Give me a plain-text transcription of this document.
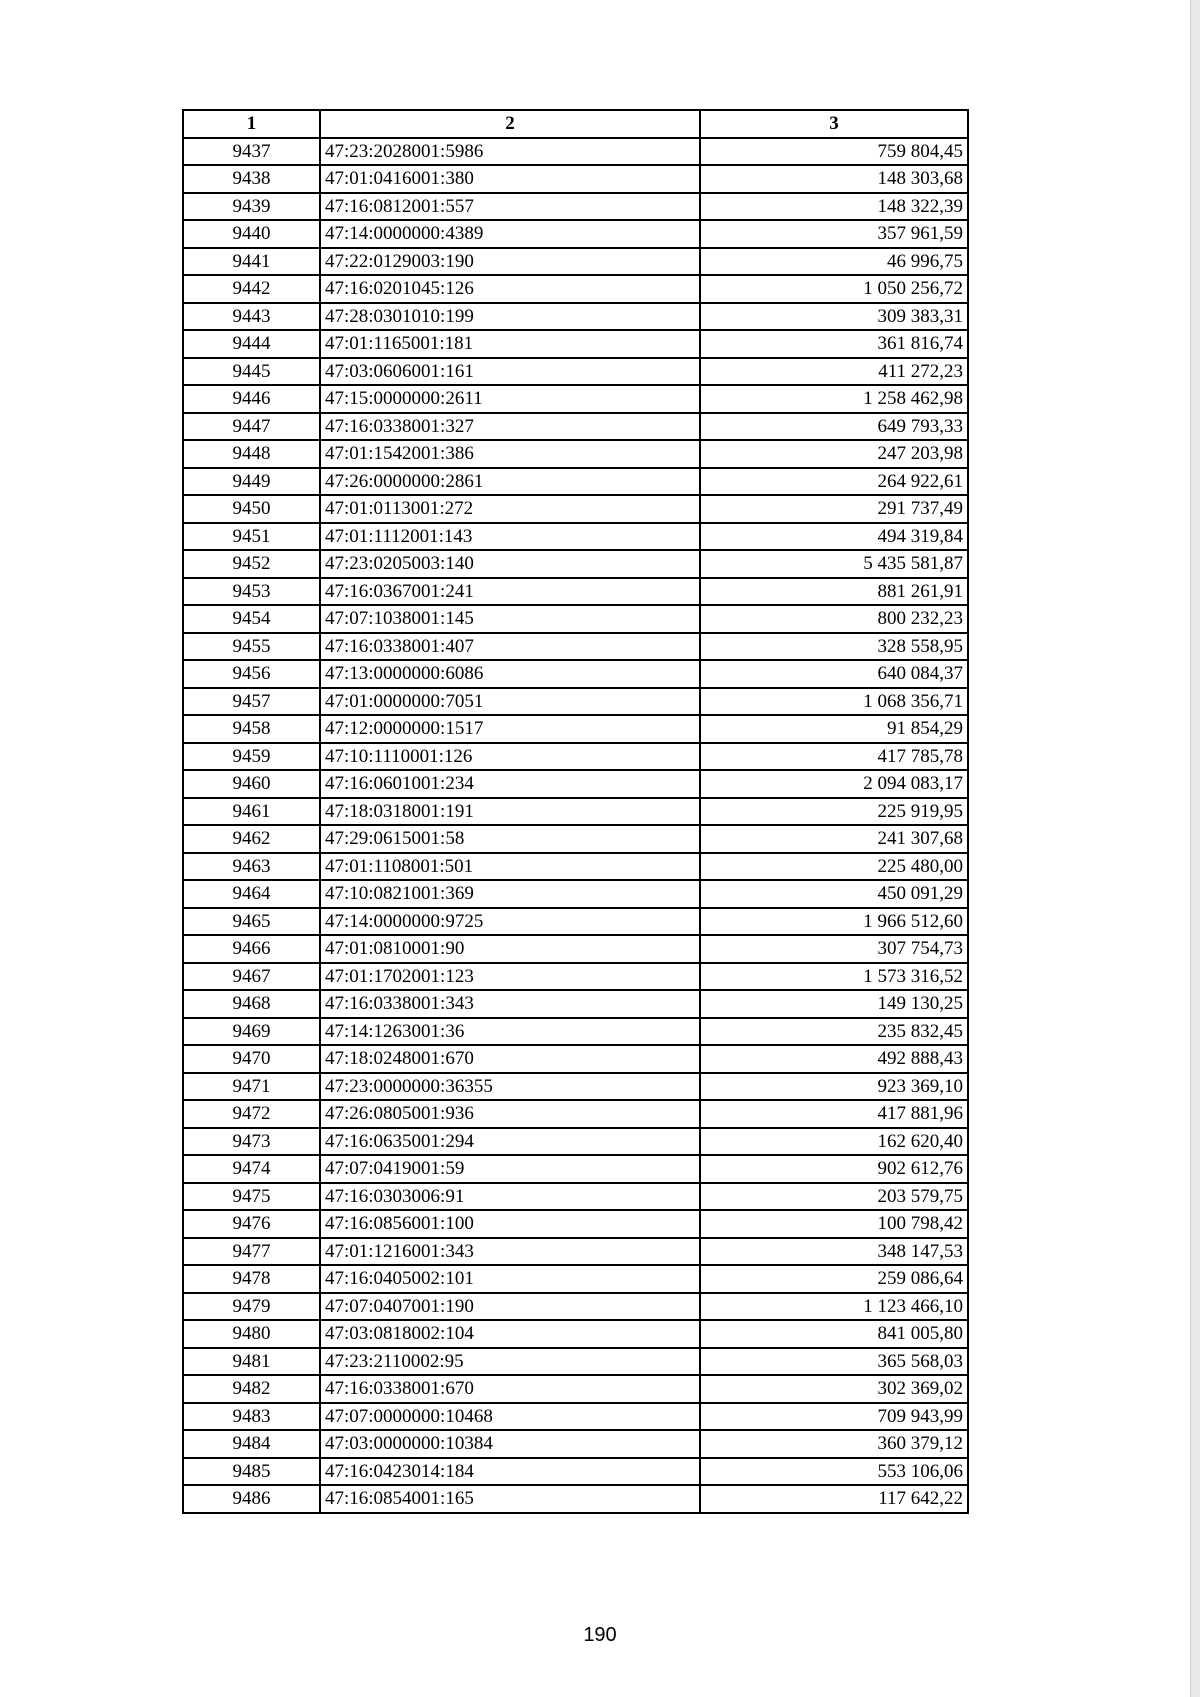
1	2	3
9437	47:23:2028001:5986	759 804,45
9438	47:01:0416001:380	148 303,68
9439	47:16:0812001:557	148 322,39
9440	47:14:0000000:4389	357 961,59
9441	47:22:0129003:190	46 996,75
9442	47:16:0201045:126	1 050 256,72
9443	47:28:0301010:199	309 383,31
9444	47:01:1165001:181	361 816,74
9445	47:03:0606001:161	411 272,23
9446	47:15:0000000:2611	1 258 462,98
9447	47:16:0338001:327	649 793,33
9448	47:01:1542001:386	247 203,98
9449	47:26:0000000:2861	264 922,61
9450	47:01:0113001:272	291 737,49
9451	47:01:1112001:143	494 319,84
9452	47:23:0205003:140	5 435 581,87
9453	47:16:0367001:241	881 261,91
9454	47:07:1038001:145	800 232,23
9455	47:16:0338001:407	328 558,95
9456	47:13:0000000:6086	640 084,37
9457	47:01:0000000:7051	1 068 356,71
9458	47:12:0000000:1517	91 854,29
9459	47:10:1110001:126	417 785,78
9460	47:16:0601001:234	2 094 083,17
9461	47:18:0318001:191	225 919,95
9462	47:29:0615001:58	241 307,68
9463	47:01:1108001:501	225 480,00
9464	47:10:0821001:369	450 091,29
9465	47:14:0000000:9725	1 966 512,60
9466	47:01:0810001:90	307 754,73
9467	47:01:1702001:123	1 573 316,52
9468	47:16:0338001:343	149 130,25
9469	47:14:1263001:36	235 832,45
9470	47:18:0248001:670	492 888,43
9471	47:23:0000000:36355	923 369,10
9472	47:26:0805001:936	417 881,96
9473	47:16:0635001:294	162 620,40
9474	47:07:0419001:59	902 612,76
9475	47:16:0303006:91	203 579,75
9476	47:16:0856001:100	100 798,42
9477	47:01:1216001:343	348 147,53
9478	47:16:0405002:101	259 086,64
9479	47:07:0407001:190	1 123 466,10
9480	47:03:0818002:104	841 005,80
9481	47:23:2110002:95	365 568,03
9482	47:16:0338001:670	302 369,02
9483	47:07:0000000:10468	709 943,99
9484	47:03:0000000:10384	360 379,12
9485	47:16:0423014:184	553 106,06
9486	47:16:0854001:165	117 642,22
190
